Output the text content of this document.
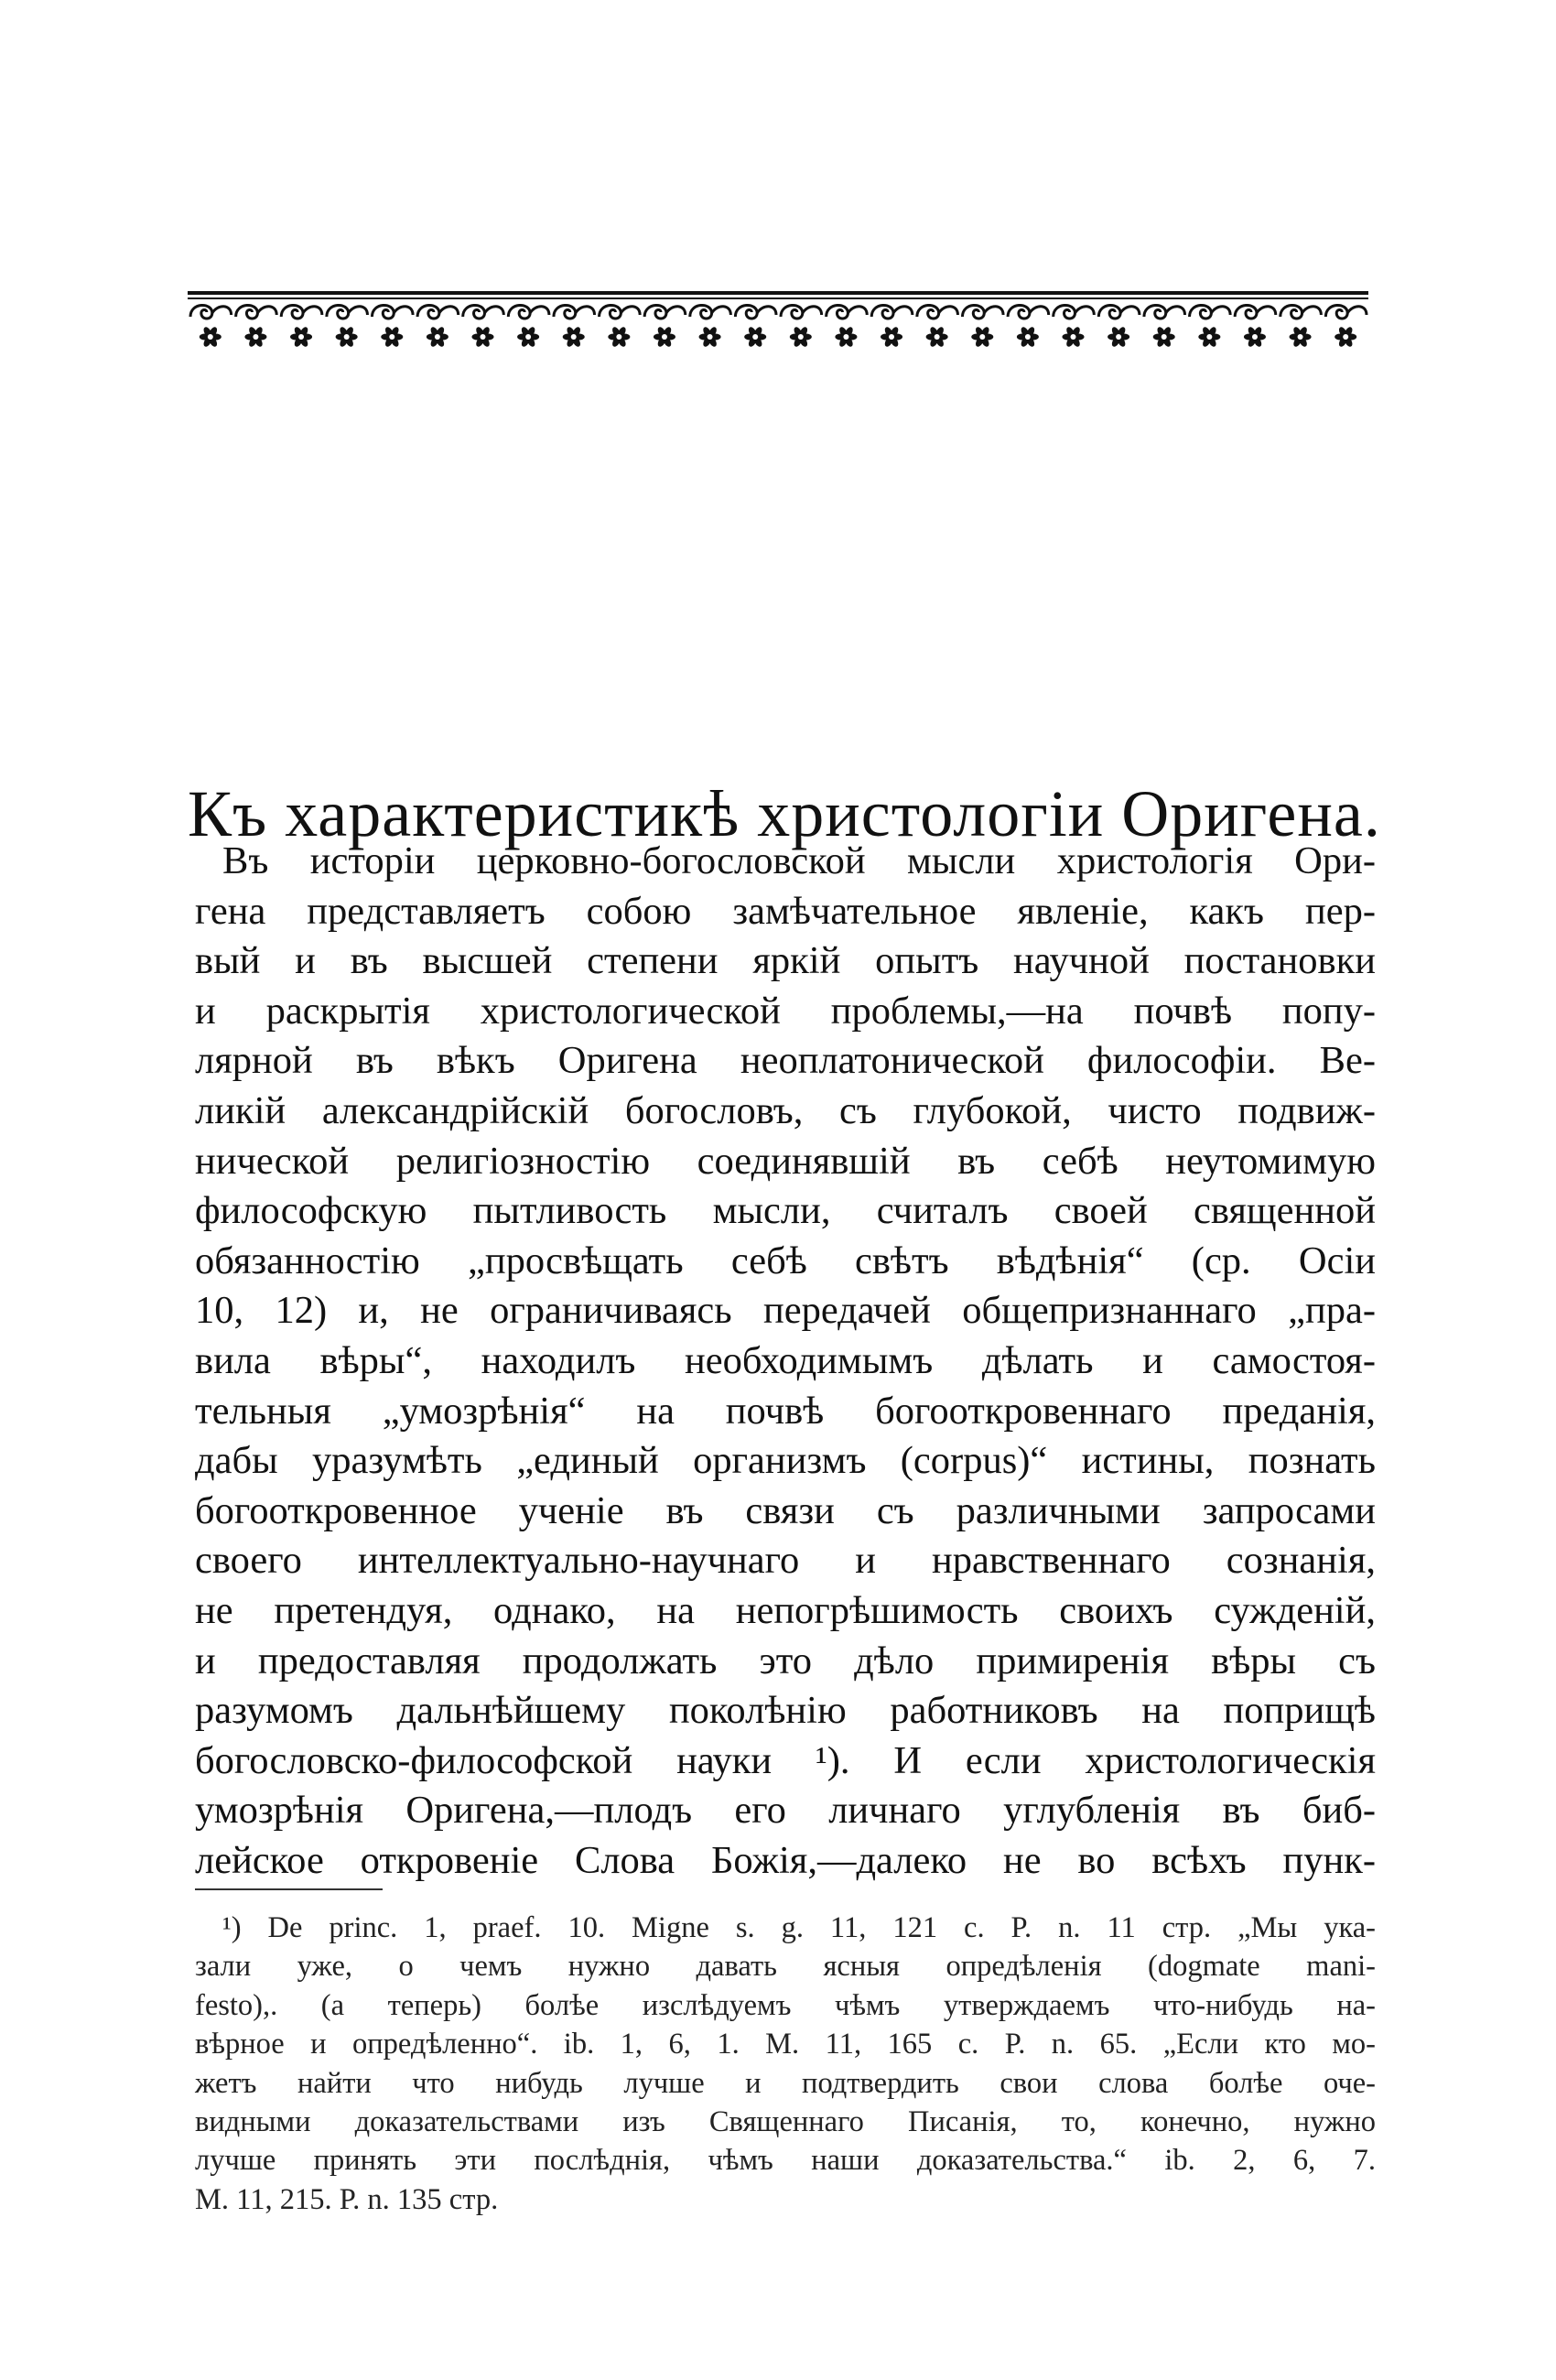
Къ характеристикѣ христологіи Оригена.
Въ исторіи церковно-богословской мысли христологія Ори-
гена представляетъ собою замѣчательное явленіе, какъ пер-
вый и въ высшей степени яркій опытъ научной постановки
и раскрытія христологической проблемы,—на почвѣ попу-
лярной въ вѣкъ Оригена неоплатонической философіи. Ве-
ликій александрійскій богословъ, съ глубокой, чисто подвиж-
нической религіозностію соединявшій въ себѣ неутомимую
философскую пытливость мысли, считалъ своей священной
обязанностію „просвѣщать себѣ свѣтъ вѣдѣнія“ (ср. Осіи
10, 12) и, не ограничиваясь передачей общепризнаннаго „пра-
вила вѣры“, находилъ необходимымъ дѣлать и самостоя-
тельныя „умозрѣнія“ на почвѣ богооткровеннаго преданія,
дабы уразумѣть „единый организмъ (corpus)“ истины, познать
богооткровенное ученіе въ связи съ различными запросами
своего интеллектуально-научнаго и нравственнаго сознанія,
не претендуя, однако, на непогрѣшимость своихъ сужденій,
и предоставляя продолжать это дѣло примиренія вѣры съ
разумомъ дальнѣйшему поколѣнію работниковъ на поприщѣ
богословско-философской науки ¹). И если христологическія
умозрѣнія Оригена,—плодъ его личнаго углубленія въ биб-
лейское откровеніе Слова Божія,—далеко не во всѣхъ пунк-
¹) De princ. 1, praef. 10. Migne s. g. 11, 121 c. P. n. 11 стр. „Мы ука-
зали уже, о чемъ нужно давать ясныя опредѣленія (dogmate mani-
festo),. (а теперь) болѣе изслѣдуемъ чѣмъ утверждаемъ что-нибудь на-
вѣрное и опредѣленно“. ib. 1, 6, 1. M. 11, 165 c. P. n. 65. „Если кто мо-
жетъ найти что нибудь лучше и подтвердить свои слова болѣе оче-
видными доказательствами изъ Священнаго Писанія, то, конечно, нужно
лучше принять эти послѣднія, чѣмъ наши доказательства.“ ib. 2, 6, 7.
M. 11, 215. P. n. 135 стр.
